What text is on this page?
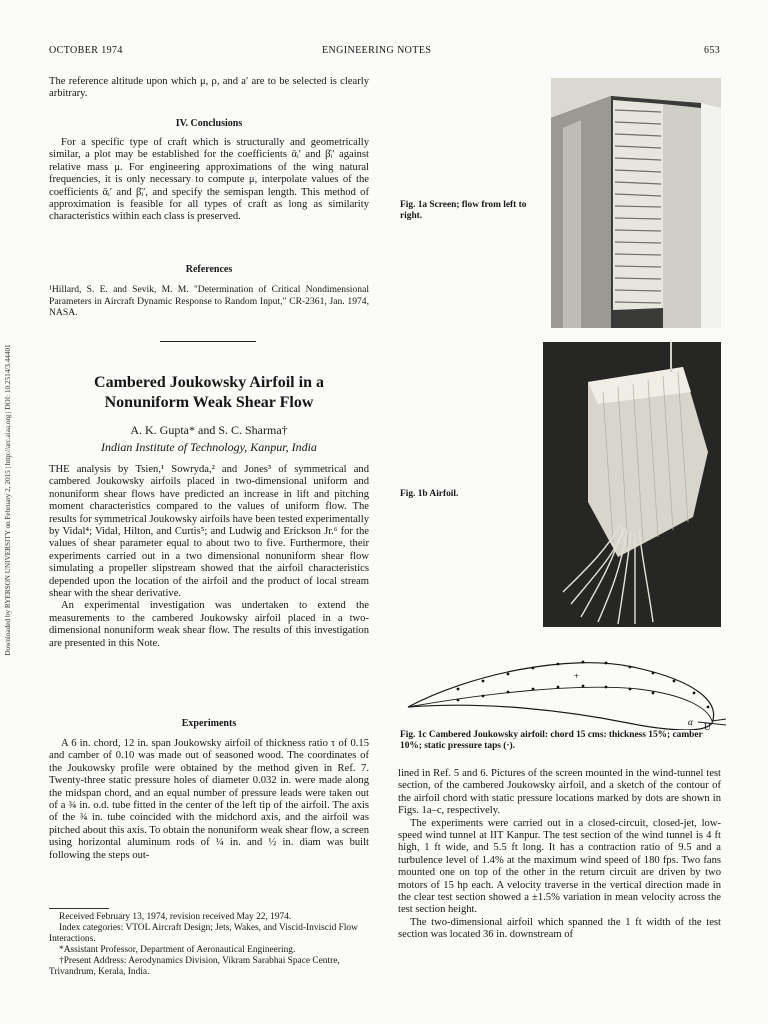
OCTOBER 1974	ENGINEERING NOTES	653
Downloaded by RYERSON UNIVERSITY on February 2, 2015 | http://arc.aiaa.org | DOI: 10.2514/3.44401

The reference altitude upon which μ, ρ, and a′ are to be selected is clearly arbitrary.

IV. Conclusions

For a specific type of craft which is structurally and geometrically similar, a plot may be established for the coefficients ᾱᵢ′ and β̄ᵢ′ against relative mass μ. For engineering approximations of the wing natural frequencies, it is only necessary to compute μ, interpolate values of the coefficients ᾱᵢ′ and β̄ᵢ′, and specify the semispan length. This method of approximation is feasible for all types of craft as long as similarity characteristics within each class is preserved.

References
¹Hillard, S. E. and Sevik, M. M. "Determination of Critical Nondimensional Parameters in Aircraft Dynamic Response to Random Input," CR-2361, Jan. 1974, NASA.
Cambered Joukowsky Airfoil in a
Nonuniform Weak Shear Flow
A. K. Gupta* and S. C. Sharma†
Indian Institute of Technology, Kanpur, India

THE analysis by Tsien,¹ Sowryda,² and Jones³ of symmetrical and cambered Joukowsky airfoils placed in two-dimensional uniform and nonuniform shear flows have predicted an increase in lift and pitching moment characteristics compared to the values of uniform flow. The results for symmetrical Joukowsky airfoils have been tested experimentally by Vidal⁴; Vidal, Hilton, and Curtis⁵; and Ludwig and Erickson Jr.⁶ for the values of shear parameter equal to about two to five. Furthermore, their experiments carried out in a two dimensional nonuniform shear flow simulating a propeller slipstream showed that the airfoil characteristics depended upon the location of the airfoil and the product of local stream shear with the shear derivative.

An experimental investigation was undertaken to extend the measurements to the cambered Joukowsky airfoil placed in a two-dimensional nonuniform weak shear flow. The results of this investigation are presented in this Note.

Experiments

A 6 in. chord, 12 in. span Joukowsky airfoil of thickness ratio τ of 0.15 and camber of 0.10 was made out of seasoned wood. The coordinates of the Joukowsky profile were obtained by the method given in Ref. 7. Twenty-three static pressure holes of diameter 0.032 in. were made along the midspan chord, and an equal number of pressure leads were taken out of a ¾ in. o.d. tube fitted in the center of the left tip of the airfoil. The axis of the ¾ in. tube coincided with the midchord axis, and the airfoil was pitched about this axis. To obtain the nonuniform weak shear flow, a screen using horizontal aluminum rods of ¼ in. and ½ in. diam was built following the steps out-

Received February 13, 1974, revision received May 22, 1974.

Index categories: VTOL Aircraft Design; Jets, Wakes, and Viscid-Inviscid Flow Interactions.

*Assistant Professor, Department of Aeronautical Engineering.

†Present Address: Aerodynamics Division, Vikram Sarabhai Space Centre, Trivandrum, Kerala, India.

Fig. 1a Screen; flow from left to right.
Fig. 1b Airfoil.
+
α U
Fig. 1c Cambered Joukowsky airfoil: chord 15 cms: thickness 15%; camber 10%; static pressure taps (·).

lined in Ref. 5 and 6. Pictures of the screen mounted in the wind-tunnel test section, of the cambered Joukowsky airfoil, and a sketch of the contour of the airfoil chord with static pressure locations marked by dots are shown in Figs. 1a–c, respectively.

The experiments were carried out in a closed-circuit, closed-jet, low-speed wind tunnel at IIT Kanpur. The test section of the wind tunnel is 4 ft high, 1 ft wide, and 5.5 ft long. It has a contraction ratio of 9.5 and a turbulence level of 1.4% at the maximum wind speed of 180 fps. Two fans mounted one on top of the other in the return circuit are driven by two motors of 15 hp each. A velocity traverse in the vertical direction made in the clear test section showed a ±1.5% variation in mean velocity across the test section height.

The two-dimensional airfoil which spanned the 1 ft width of the test section was located 36 in. downstream of
